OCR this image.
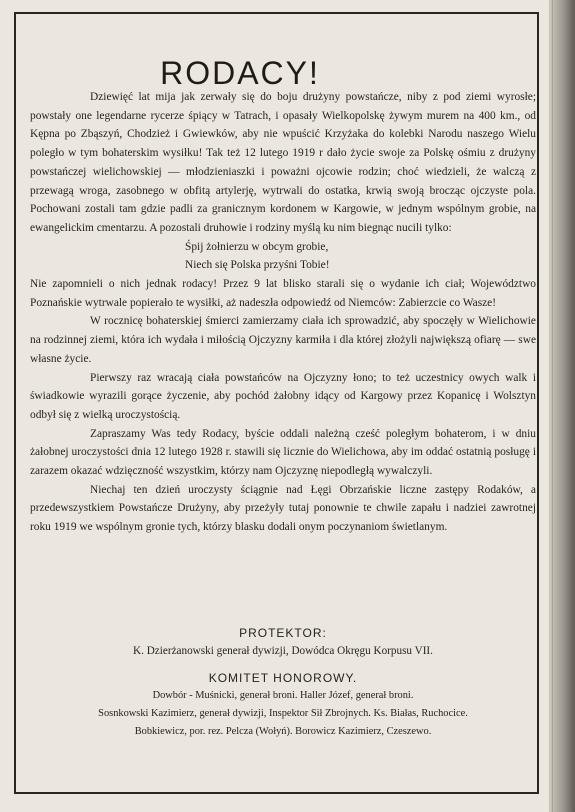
RODACY!

Dziewięć lat mija jak zerwały się do boju drużyny powstańcze, niby z pod ziemi wyrosłe; powstały one legendarne rycerze śpiący w Tatrach, i opasały Wielkopolskę żywym murem na 400 km., od Kępna po Zbąszyń, Chodzież i Gwiewków, aby nie wpuścić Krzyżaka do kolebki Narodu naszego Wielu poległo w tym bohaterskim wysiłku! Tak też 12 lutego 1919 r dało życie swoje za Polskę ośmiu z drużyny powstańczej wielichowskiej — młodzieniaszki i poważni ojcowie rodzin; choć wiedzieli, że walczą z przewagą wroga, zasobnego w obfitą artylerję, wytrwali do ostatka, krwią swoją brocząc ojczyste pola. Pochowani zostali tam gdzie padli za granicznym kordonem w Kargowie, w jednym wspólnym grobie, na ewangelickim cmentarzu. A pozostali druhowie i rodziny myślą ku nim biegnąc nucili tylko:

Śpij żołnierzu w obcym grobie,
Niech się Polska przyśni Tobie!

Nie zapomnieli o nich jednak rodacy! Przez 9 lat blisko starali się o wydanie ich ciał; Województwo Poznańskie wytrwale popierało te wysiłki, aż nadeszła odpowiedź od Niemców: Zabierzcie co Wasze!

W rocznicę bohaterskiej śmierci zamierzamy ciała ich sprowadzić, aby spoczęły w Wielichowie na rodzinnej ziemi, która ich wydała i miłością Ojczyzny karmiła i dla której złożyli największą ofiarę — swe własne życie.

Pierwszy raz wracają ciała powstańców na Ojczyzny łono; to też uczestnicy owych walk i świadkowie wyrazili gorące życzenie, aby pochód żałobny idący od Kargowy przez Kopanicę i Wolsztyn odbył się z wielką uroczystością.

Zapraszamy Was tedy Rodacy, byście oddali należną cześć poległym bohaterom, i w dniu żałobnej uroczystości dnia 12 lutego 1928 r. stawili się licznie do Wielichowa, aby im oddać ostatnią posługę i zarazem okazać wdzięczność wszystkim, którzy nam Ojczyznę niepodległą wywalczyli.

Niechaj ten dzień uroczysty ściągnie nad Łęgi Obrzańskie liczne zastępy Rodaków, a przedewszystkiem Powstańcze Drużyny, aby przeżyły tutaj ponownie te chwile zapału i nadziei zawrotnej roku 1919 we wspólnym gronie tych, którzy blasku dodali onym poczynaniom świetlanym.

PROTEKTOR:
K. Dzierżanowski generał dywizji, Dowódca Okręgu Korpusu VII.
KOMITET HONOROWY.
Dowbór - Muśnicki, generał broni. Haller Józef, generał broni.
Sosnkowski Kazimierz, generał dywizji, Inspektor Sił Zbrojnych. Ks. Białas, Ruchocice.
Bobkiewicz, por. rez. Pelcza (Wołyń). Borowicz Kazimierz, Czeszewo.
